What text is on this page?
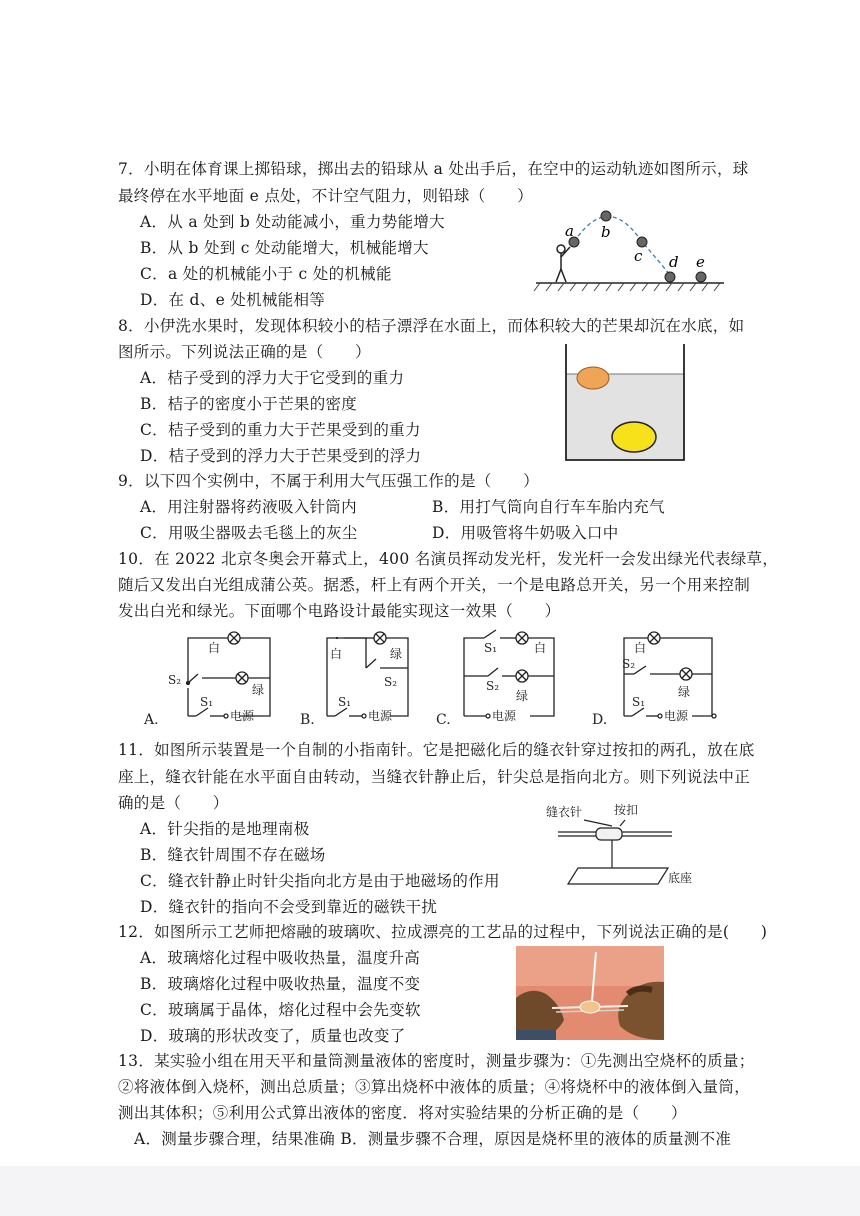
7．小明在体育课上掷铅球，掷出去的铅球从 a 处出手后，在空中的运动轨迹如图所示，球
最终停在水平地面 e 点处，不计空气阻力，则铅球（　　）
A．从 a 处到 b 处动能减小，重力势能增大
B．从 b 处到 c 处动能增大，机械能增大
C．a 处的机械能小于 c 处的机械能
D．在 d、e 处机械能相等
a b
c d e
8．小伊洗水果时，发现体积较小的桔子漂浮在水面上，而体积较大的芒果却沉在水底，如
图所示。下列说法正确的是（　　）
A．桔子受到的浮力大于它受到的重力
B．桔子的密度小于芒果的密度
C．桔子受到的重力大于芒果受到的重力
D．桔子受到的浮力大于芒果受到的浮力
9．以下四个实例中，不属于利用大气压强工作的是（　　）
A．用注射器将药液吸入针筒内	B．用打气筒向自行车车胎内充气
C．用吸尘器吸去毛毯上的灰尘	D．用吸管将牛奶吸入口中
10．在 2022 北京冬奥会开幕式上，400 名演员挥动发光杆，发光杆一会发出绿光代表绿草，
随后又发出白光组成蒲公英。据悉，杆上有两个开关，一个是电路总开关，另一个用来控制
发出白光和绿光。下面哪个电路设计最能实现这一效果（　　）
白
绿
S₂
S₁
电源
A.
白	绿
S₂
S₁
电源
B.
S₁	白
S₂
绿
电源
C.
白
S₂
绿
S₁
电源
D.
11．如图所示装置是一个自制的小指南针。它是把磁化后的缝衣针穿过按扣的两孔，放在底
座上，缝衣针能在水平面自由转动，当缝衣针静止后，针尖总是指向北方。则下列说法中正
确的是（　　）
A．针尖指的是地理南极
B．缝衣针周围不存在磁场
C．缝衣针静止时针尖指向北方是由于地磁场的作用
D．缝衣针的指向不会受到靠近的磁铁干扰
缝衣针	按扣
底座
12．如图所示工艺师把熔融的玻璃吹、拉成漂亮的工艺品的过程中，下列说法正确的是(　　)
A．玻璃熔化过程中吸收热量，温度升高
B．玻璃熔化过程中吸收热量，温度不变
C．玻璃属于晶体，熔化过程中会先变软
D．玻璃的形状改变了，质量也改变了
13．某实验小组在用天平和量筒测量液体的密度时，测量步骤为：①先测出空烧杯的质量；
②将液体倒入烧杯，测出总质量；③算出烧杯中液体的质量；④将烧杯中的液体倒入量筒，
测出其体积；⑤利用公式算出液体的密度．将对实验结果的分析正确的是（　　）
A．测量步骤合理，结果准确 B．测量步骤不合理，原因是烧杯里的液体的质量测不准
